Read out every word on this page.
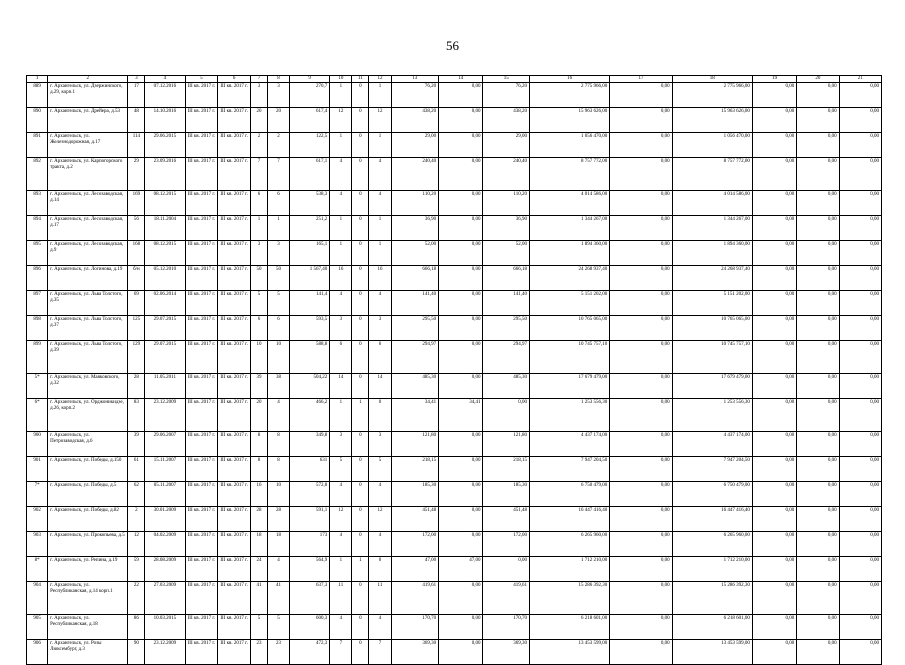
56
1	2	3	4	5	6	7	8	9	10	11	12	13	14	15	16	17	18	19	20	21
889	г. Архангельск, ул. Дзержинского, д.29, корп.1	17	07.12.2016	III кв. 2017 г.	III кв. 2017 г.	3	3	270,7	1	0	1	76,20	0,00	76,20	2 775 966,00	0,00	2 775 966,00	0,00	0,00	0,00
890	г. Архангельск, ул. Дрейера, д.53	48	14.10.2016	III кв. 2017 г.	III кв. 2017 г.	20	20	617,4	12	0	12	438,20	0,00	438,20	15 963 626,00	0,00	15 963 626,00	0,00	0,00	0,00
891	г. Архангельск, ул. Железнодорожная, д.17	114	29.06.2015	III кв. 2017 г.	III кв. 2017 г.	2	2	122,5	1	0	1	29,00	0,00	29,00	1 056 470,00	0,00	1 056 470,00	0,00	0,00	0,00
892	г. Архангельск, ул. Карпогорского тракта, д.2	29	23.09.2016	III кв. 2017 г.	III кв. 2017 г.	7	7	617,1	4	0	4	240,40	0,00	240,40	8 757 772,00	0,00	8 757 772,00	0,00	0,00	0,00
893	г. Архангельск, ул. Лесозаводская, д.14	169	08.12.2015	III кв. 2017 г.	III кв. 2017 г.	6	6	538,3	4	0	4	110,20	0,00	110,20	4 014 586,00	0,00	4 014 586,00	0,00	0,00	0,00
894	г. Архангельск, ул. Лесозаводская, д.17	56	18.11.2004	III кв. 2017 г.	III кв. 2017 г.	1	1	251,2	1	0	1	36,90	0,00	36,90	1 344 267,00	0,00	1 344 267,00	0,00	0,00	0,00
895	г. Архангельск, ул. Лесозаводская, д.9	168	08.12.2015	III кв. 2017 г.	III кв. 2017 г.	3	3	165,1	1	0	1	52,00	0,00	52,00	1 894 360,00	0,00	1 894 360,00	0,00	0,00	0,00
896	г. Архангельск, ул. Логинова, д.19	б/н	05.12.2010	III кв. 2017 г.	III кв. 2017 г.	50	50	1 567,40	16	0	16	666,18	0,00	666,18	24 268 937,40	0,00	24 268 937,40	0,00	0,00	0,00
897	г. Архангельск, ул. Льва Толстого, д.35	69	02.06.2014	III кв. 2017 г.	III кв. 2017 г.	5	5	141,4	4	0	4	141,40	0,00	141,40	5 151 202,00	0,00	5 151 202,00	0,00	0,00	0,00
898	г. Архангельск, ул. Льва Толстого, д.37	125	29.07.2015	III кв. 2017 г.	III кв. 2017 г.	6	6	593,5	3	0	3	295,50	0,00	295,50	10 765 065,00	0,00	10 765 065,00	0,00	0,00	0,00
899	г. Архангельск, ул. Льва Толстого, д.39	129	29.07.2015	III кв. 2017 г.	III кв. 2017 г.	10	10	588,8	6	0	6	294,97	0,00	294,97	10 745 757,10	0,00	10 745 757,10	0,00	0,00	0,00
5*	г. Архангельск, ул. Маяковского, д.32	28	11.05.2011	III кв. 2017 г.	III кв. 2017 г.	39	38	504,22	14	0	14	485,30	0,00	485,30	17 679 479,00	0,00	17 679 479,00	0,00	0,00	0,00
6*	г. Архангельск, ул. Орджоникидзе, д.26, корп.2	83	23.12.2009	III кв. 2017 г.	III кв. 2017 г.	20	4	466,2	1	1	0	34,41	34,41	0,00	1 253 556,30	0,00	1 253 556,30	0,00	0,00	0,00
900	г. Архангельск, ул. Петрозаводская, д.6	39	29.06.2007	III кв. 2017 г.	III кв. 2017 г.	8	8	349,8	3	0	3	121,80	0,00	121,80	4 437 174,00	0,00	4 437 174,00	0,00	0,00	0,00
901	г. Архангельск, ул. Победы, д.150	61	15.11.2007	III кв. 2017 г.	III кв. 2017 г.	8	8	631	5	0	5	218,15	0,00	218,15	7 947 204,50	0,00	7 947 204,50	0,00	0,00	0,00
7*	г. Архангельск, ул. Победы, д.5	62	05.11.2007	III кв. 2017 г.	III кв. 2017 г.	16	10	572,8	4	0	4	185,30	0,00	185,30	6 750 479,00	0,00	6 750 479,00	0,00	0,00	0,00
902	г. Архангельск, ул. Победы, д.82	2	30.01.2009	III кв. 2017 г.	III кв. 2017 г.	28	28	591,1	12	0	12	451,48	0,00	451,48	16 447 416,40	0,00	16 447 416,40	0,00	0,00	0,00
903	г. Архангельск, ул. Прокопьева, д.5	12	04.02.2009	III кв. 2017 г.	III кв. 2017 г.	18	18	173	4	0	4	172,00	0,00	172,00	6 265 960,00	0,00	6 265 960,00	0,00	0,00	0,00
8*	г. Архангельск, ул. Репина, д.19	59	28.08.2009	III кв. 2017 г.	III кв. 2017 г.	24	4	564,9	1	1	0	47,00	47,00	0,00	1 712 210,00	0,00	1 712 210,00	0,00	0,00	0,00
904	г. Архангельск, ул. Республиканская, д.14 корп.1	22	27.03.2009	III кв. 2017 г.	III кв. 2017 г.	41	41	637,3	11	0	11	419,61	0,00	419,61	15 286 392,30	0,00	15 286 392,30	0,00	0,00	0,00
905	г. Архангельск, ул. Республиканская, д.18	86	10.03.2015	III кв. 2017 г.	III кв. 2017 г.	5	5	600,3	4	0	4	170,70	0,00	170,70	6 218 601,00	0,00	6 218 601,00	0,00	0,00	0,00
906	г. Архангельск, ул. Розы Люксембург, д.3	90	23.12.2009	III кв. 2017 г.	III кв. 2017 г.	23	23	472,3	7	0	7	369,30	0,00	369,30	13 453 599,00	0,00	13 453 599,00	0,00	0,00	0,00
